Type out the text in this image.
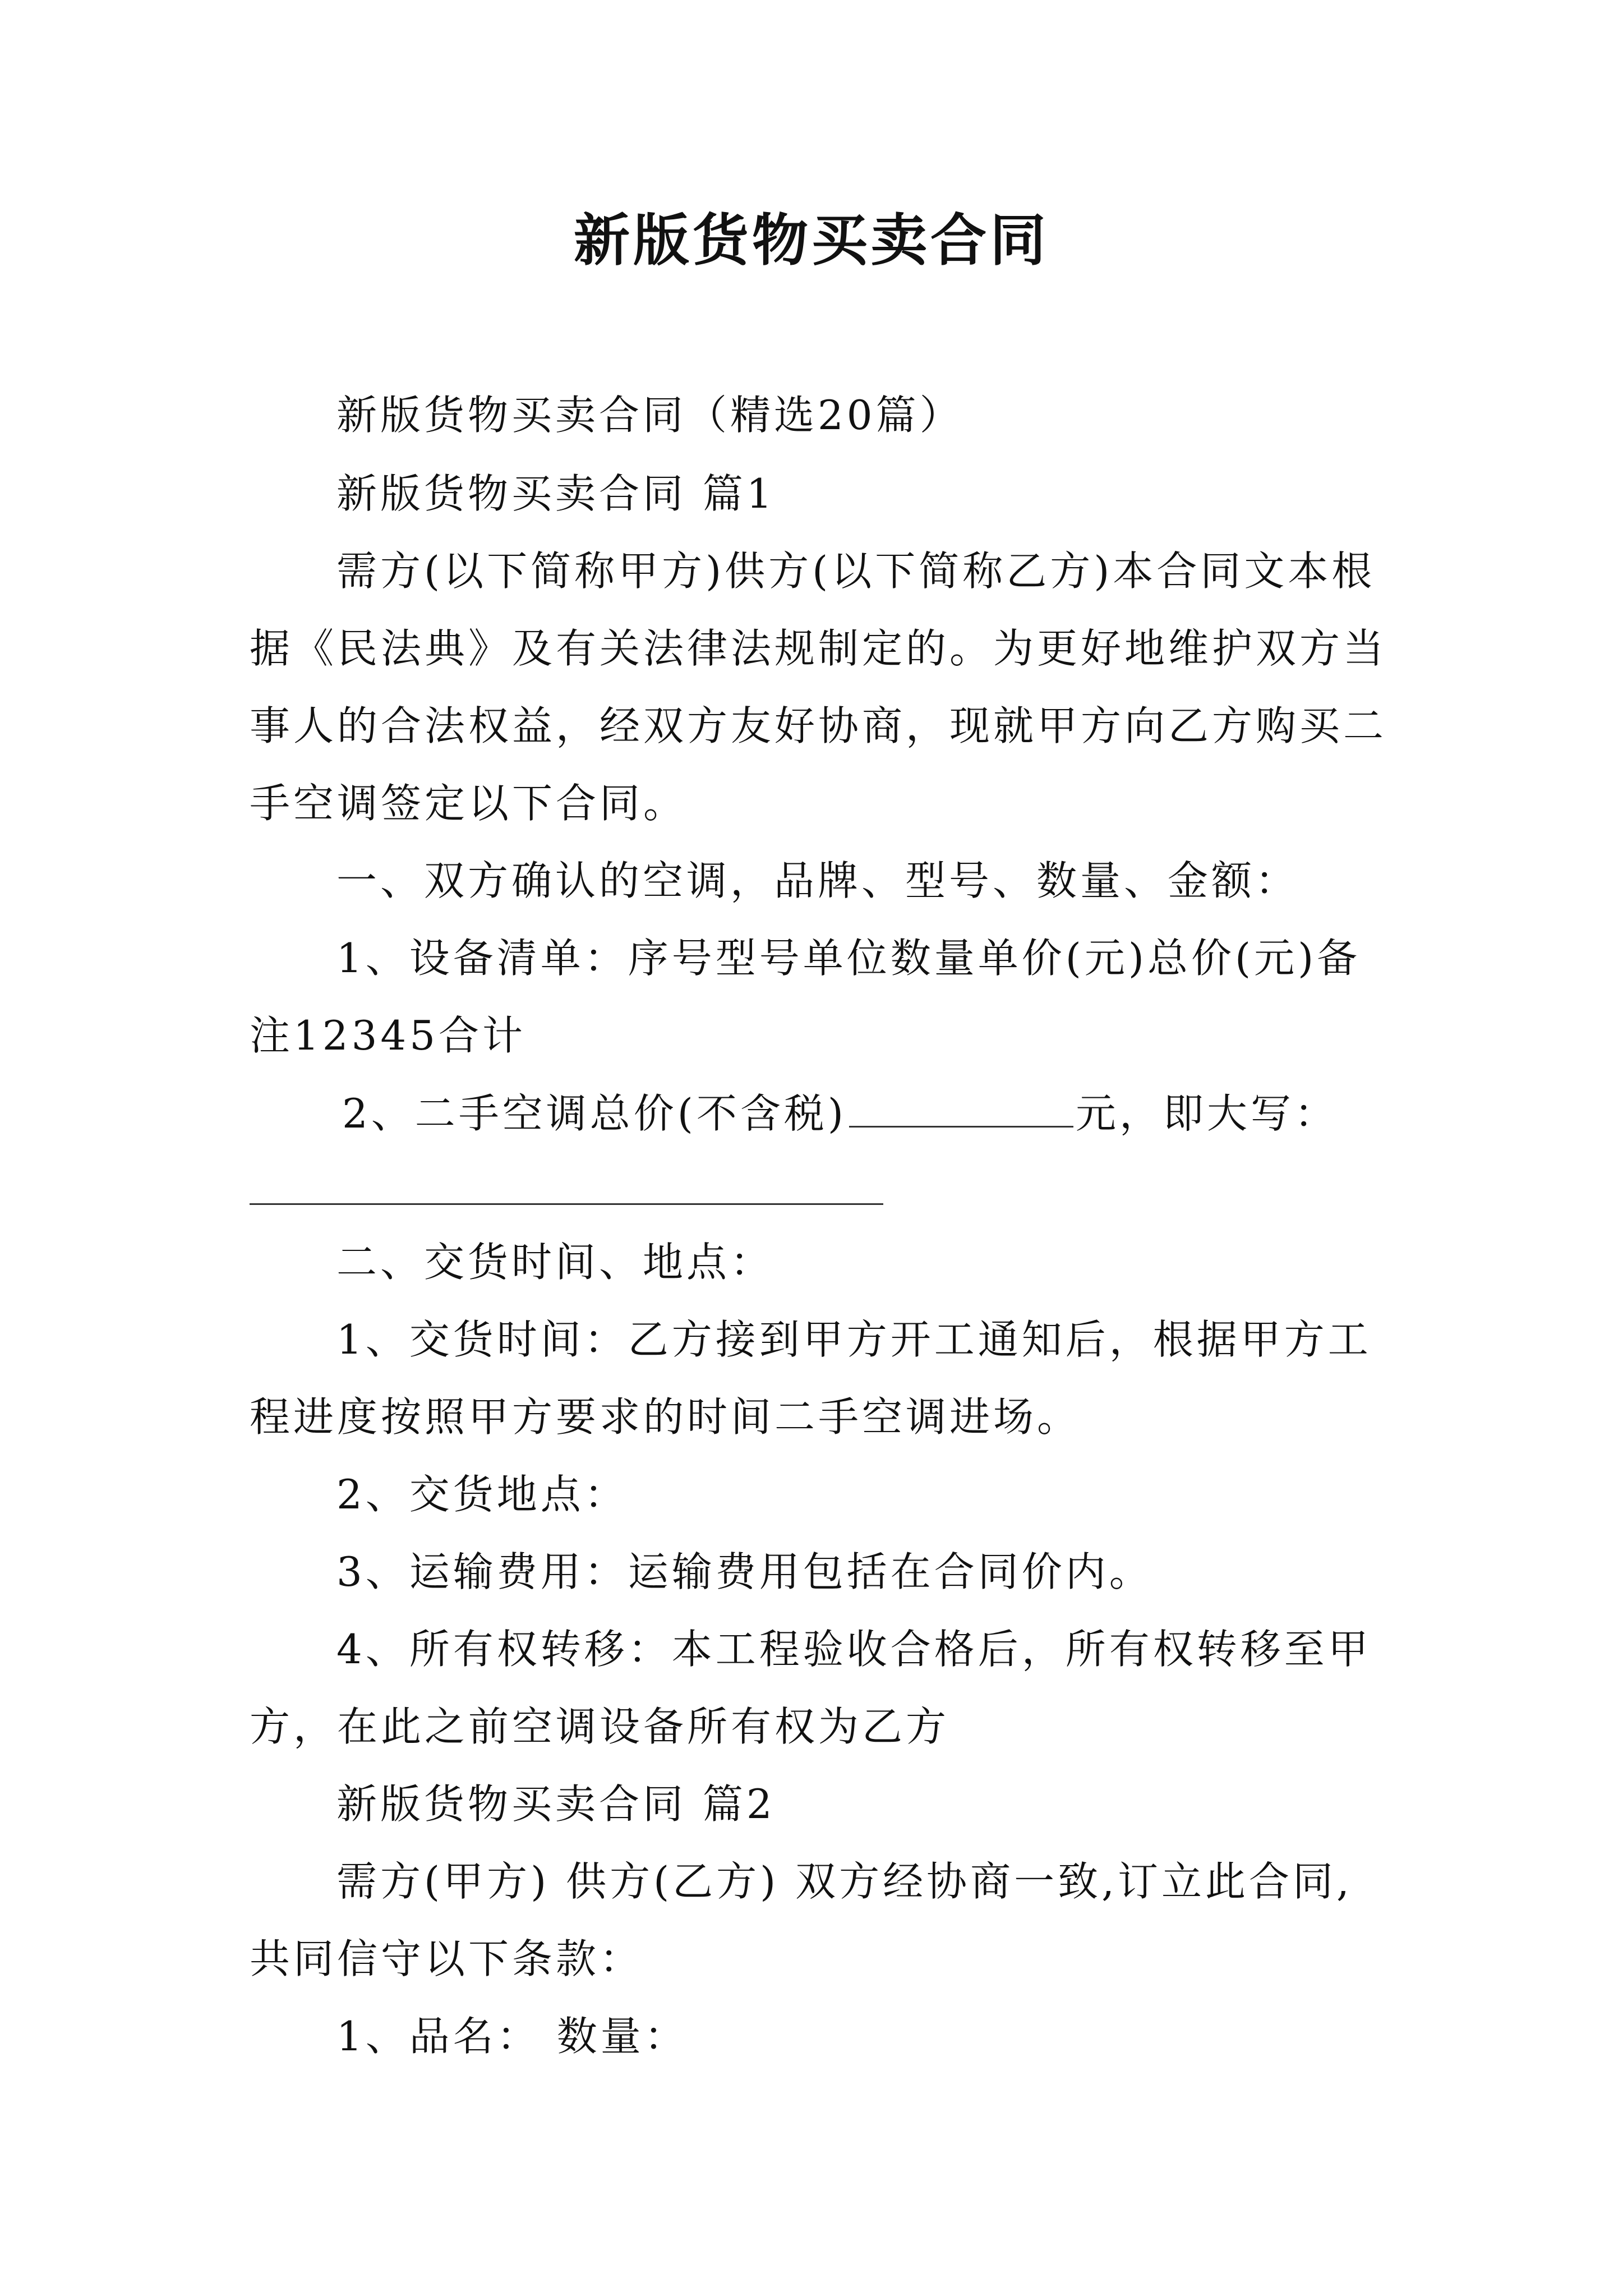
新版货物买卖合同
新版货物买卖合同（精选20篇）
新版货物买卖合同 篇1
需方(以下简称甲方)供方(以下简称乙方)本合同文本根
据《民法典》及有关法律法规制定的。为更好地维护双方当
事人的合法权益，经双方友好协商，现就甲方向乙方购买二
手空调签定以下合同。
一、双方确认的空调，品牌、型号、数量、金额：
1、设备清单：序号型号单位数量单价(元)总价(元)备
注12345合计
2、二手空调总价(不含税)	元，即大写：
二、交货时间、地点：
1、交货时间：乙方接到甲方开工通知后，根据甲方工
程进度按照甲方要求的时间二手空调进场。
2、交货地点：
3、运输费用：运输费用包括在合同价内。
4、所有权转移：本工程验收合格后，所有权转移至甲
方，在此之前空调设备所有权为乙方
新版货物买卖合同 篇2
需方(甲方) 供方(乙方) 双方经协商一致,订立此合同,
共同信守以下条款：
1、品名： 数量：
